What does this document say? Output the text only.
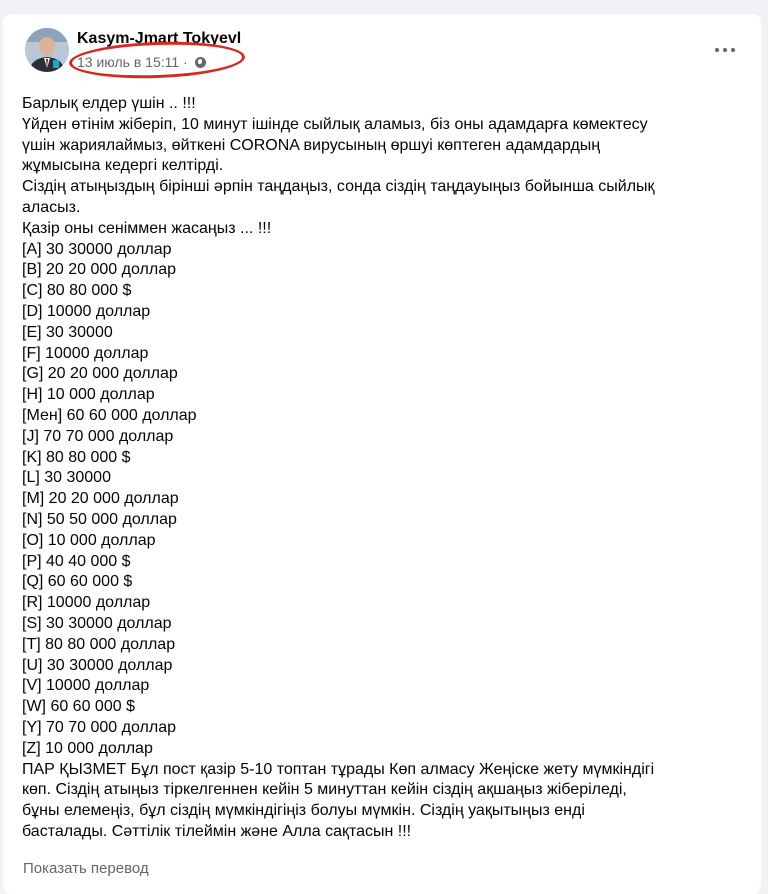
Kasym-Jmart Tokyevl
13 июль в 15:11 ·
Барлық елдер үшін .. !!!
Үйден өтінім жіберіп, 10 минут ішінде сыйлық аламыз, біз оны адамдарға көмектесу
үшін жариялаймыз, өйткені CORONA вирусының өршуі көптеген адамдардың
жұмысына кедергі келтірді.
Сіздің атыңыздың бірінші әрпін таңдаңыз, сонда сіздің таңдауыңыз бойынша сыйлық
алаcыз.
Қазір оны сеніммен жасаңыз ... !!!
[A] 30 30000 доллар
[B] 20 20 000 доллар
[C] 80 80 000 $
[D] 10000 доллар
[E] 30 30000
[F] 10000 доллар
[G] 20 20 000 доллар
[H] 10 000 доллар
[Мен] 60 60 000 доллар
[J] 70 70 000 доллар
[K] 80 80 000 $
[L] 30 30000
[M] 20 20 000 доллар
[N] 50 50 000 доллар
[O] 10 000 доллар
[P] 40 40 000 $
[Q] 60 60 000 $
[R] 10000 доллар
[S] 30 30000 доллар
[T] 80 80 000 доллар
[U] 30 30000 доллар
[V] 10000 доллар
[W] 60 60 000 $
[Y] 70 70 000 доллар
[Z] 10 000 доллар
ПАР ҚЫЗМЕТ Бұл пост қазір 5-10 топтан тұрады Көп алмасу Жеңіске жету мүмкіндігі
көп. Сіздің атыңыз тіркелгеннен кейін 5 минуттан кейін сіздің ақшаңыз жіберіледі,
бұны елемеңіз, бұл сіздің мүмкіндігіңіз болуы мүмкін. Сіздің уақытыңыз енді
басталады. Сәттілік тілеймін және Алла сақтасын !!!
Показать перевод
